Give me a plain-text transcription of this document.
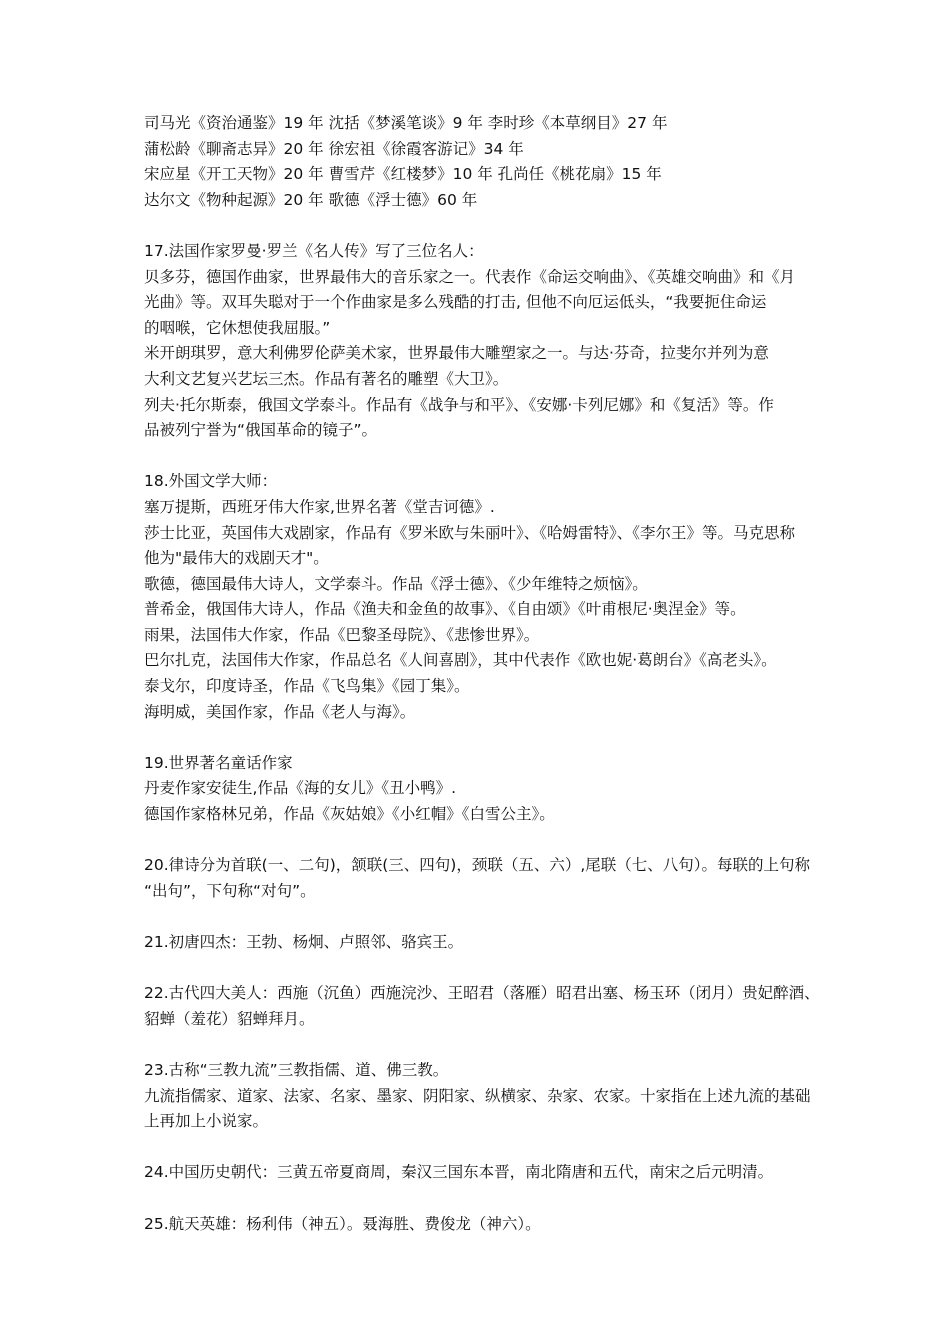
司马光《资治通鉴》19 年 沈括《梦溪笔谈》9 年 李时珍《本草纲目》27 年

蒲松龄《聊斋志异》20 年 徐宏祖《徐霞客游记》34 年

宋应星《开工天物》20 年 曹雪芹《红楼梦》10 年 孔尚任《桃花扇》15 年

达尔文《物种起源》20 年 歌德《浮士德》60 年

17.法国作家罗曼·罗兰《名人传》写了三位名人：

贝多芬，德国作曲家，世界最伟大的音乐家之一。代表作《命运交响曲》、《英雄交响曲》和《月

光曲》等。双耳失聪对于一个作曲家是多么残酷的打击, 但他不向厄运低头，“我要扼住命运

的咽喉，它休想使我屈服。”

米开朗琪罗，意大利佛罗伦萨美术家，世界最伟大雕塑家之一。与达·芬奇，拉斐尔并列为意

大利文艺复兴艺坛三杰。作品有著名的雕塑《大卫》。

列夫·托尔斯泰，俄国文学泰斗。作品有《战争与和平》、《安娜·卡列尼娜》和《复活》等。作

品被列宁誉为“俄国革命的镜子”。

18.外国文学大师：

塞万提斯，西班牙伟大作家,世界名著《堂吉诃德》.

莎士比亚，英国伟大戏剧家，作品有《罗米欧与朱丽叶》、《哈姆雷特》、《李尔王》等。马克思称

他为"最伟大的戏剧天才"。

歌德，德国最伟大诗人，文学泰斗。作品《浮士德》、《少年维特之烦恼》。

普希金，俄国伟大诗人，作品《渔夫和金鱼的故事》、《自由颂》《叶甫根尼·奥涅金》等。

雨果，法国伟大作家，作品《巴黎圣母院》、《悲惨世界》。

巴尔扎克，法国伟大作家，作品总名《人间喜剧》，其中代表作《欧也妮·葛朗台》《高老头》。

泰戈尔，印度诗圣，作品《飞鸟集》《园丁集》。

海明威，美国作家，作品《老人与海》。

19.世界著名童话作家

丹麦作家安徒生,作品《海的女儿》《丑小鸭》.

德国作家格林兄弟，作品《灰姑娘》《小红帽》《白雪公主》。

20.律诗分为首联(一、二句)，颔联(三、四句)，颈联（五、六）,尾联（七、八句）。每联的上句称

“出句”，下句称“对句”。

21.初唐四杰：王勃、杨炯、卢照邻、骆宾王。

22.古代四大美人：西施（沉鱼）西施浣沙、王昭君（落雁）昭君出塞、杨玉环（闭月）贵妃醉酒、

貂蝉（羞花）貂蝉拜月。

23.古称“三教九流”三教指儒、道、佛三教。

九流指儒家、道家、法家、名家、墨家、阴阳家、纵横家、杂家、农家。十家指在上述九流的基础

上再加上小说家。

24.中国历史朝代：三黄五帝夏商周，秦汉三国东本晋，南北隋唐和五代，南宋之后元明清。

25.航天英雄：杨利伟（神五）。聂海胜、费俊龙（神六）。
